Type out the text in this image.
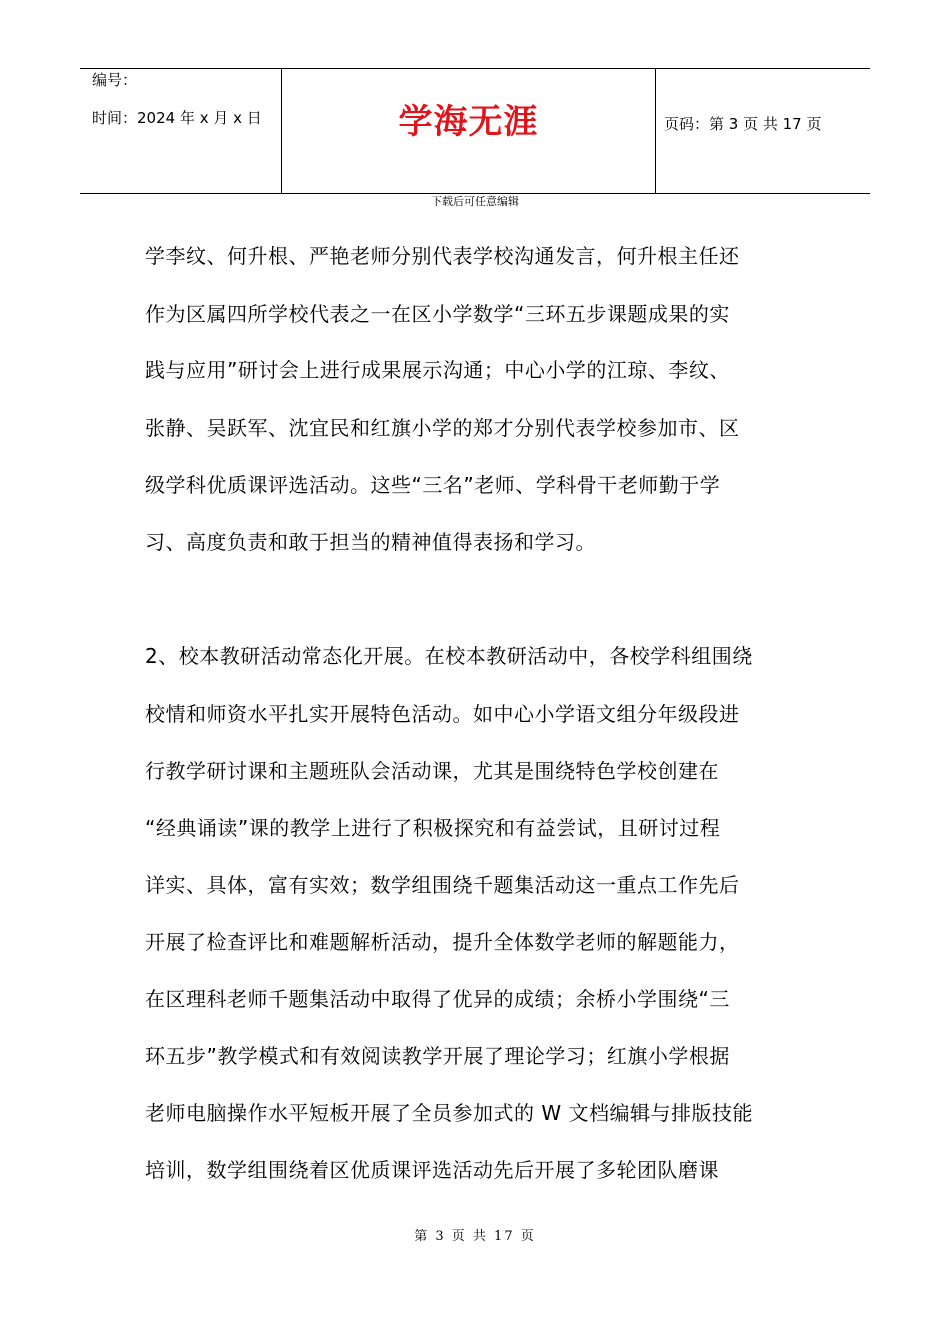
编号：
时间：2024 年 x 月 x 日	学海无涯	页码：第 3 页 共 17 页
下载后可任意编辑
学李纹、何升根、严艳老师分别代表学校沟通发言，何升根主任还
作为区属四所学校代表之一在区小学数学“三环五步课题成果的实
践与应用”研讨会上进行成果展示沟通；中心小学的江琼、李纹、
张静、吴跃军、沈宜民和红旗小学的郑才分别代表学校参加市、区
级学科优质课评选活动。这些“三名”老师、学科骨干老师勤于学
习、高度负责和敢于担当的精神值得表扬和学习。
2、校本教研活动常态化开展。在校本教研活动中，各校学科组围绕
校情和师资水平扎实开展特色活动。如中心小学语文组分年级段进
行教学研讨课和主题班队会活动课，尤其是围绕特色学校创建在
“经典诵读”课的教学上进行了积极探究和有益尝试，且研讨过程
详实、具体，富有实效；数学组围绕千题集活动这一重点工作先后
开展了检查评比和难题解析活动，提升全体数学老师的解题能力，
在区理科老师千题集活动中取得了优异的成绩；余桥小学围绕“三
环五步”教学模式和有效阅读教学开展了理论学习；红旗小学根据
老师电脑操作水平短板开展了全员参加式的 W 文档编辑与排版技能
培训，数学组围绕着区优质课评选活动先后开展了多轮团队磨课
第 3 页 共 17 页
